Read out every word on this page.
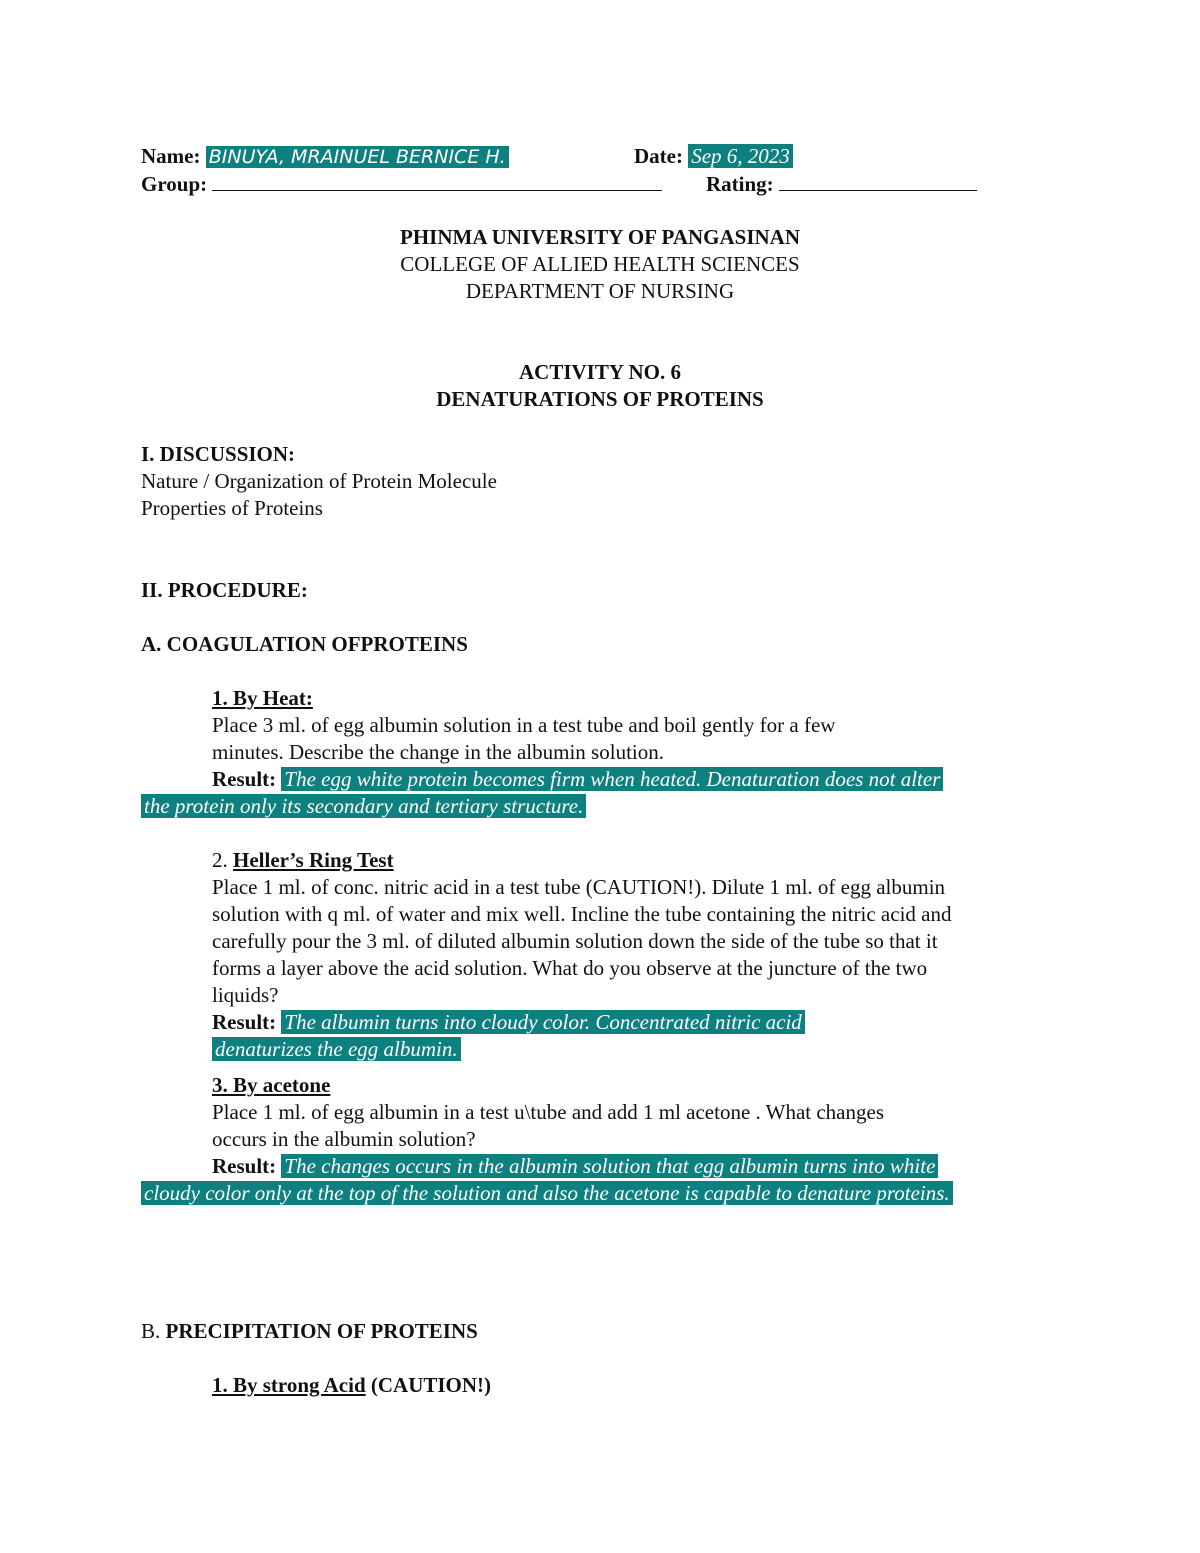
Name: BINUYA, MRAINUEL BERNICE H.	Date: Sep 6, 2023
Group:	Rating:
PHINMA UNIVERSITY OF PANGASINAN
COLLEGE OF ALLIED HEALTH SCIENCES
DEPARTMENT OF NURSING
ACTIVITY NO. 6
DENATURATIONS OF PROTEINS
I. DISCUSSION:
Nature / Organization of Protein Molecule
Properties of Proteins
II. PROCEDURE:
A. COAGULATION OFPROTEINS
1. By Heat:
Place 3 ml. of egg albumin solution in a test tube and boil gently for a few
minutes. Describe the change in the albumin solution.
Result: The egg white protein becomes firm when heated. Denaturation does not alter
the protein only its secondary and tertiary structure.
2. Heller’s Ring Test
Place 1 ml. of conc. nitric acid in a test tube (CAUTION!). Dilute 1 ml. of egg albumin
solution with q ml. of water and mix well. Incline the tube containing the nitric acid and
carefully pour the 3 ml. of diluted albumin solution down the side of the tube so that it
forms a layer above the acid solution. What do you observe at the juncture of the two
liquids?
Result: The albumin turns into cloudy color. Concentrated nitric acid
denaturizes the egg albumin.
3. By acetone
Place 1 ml. of egg albumin in a test u\tube and add 1 ml acetone . What changes
occurs in the albumin solution?
Result: The changes occurs in the albumin solution that egg albumin turns into white
cloudy color only at the top of the solution and also the acetone is capable to denature proteins.
B. PRECIPITATION OF PROTEINS
1. By strong Acid (CAUTION!)
